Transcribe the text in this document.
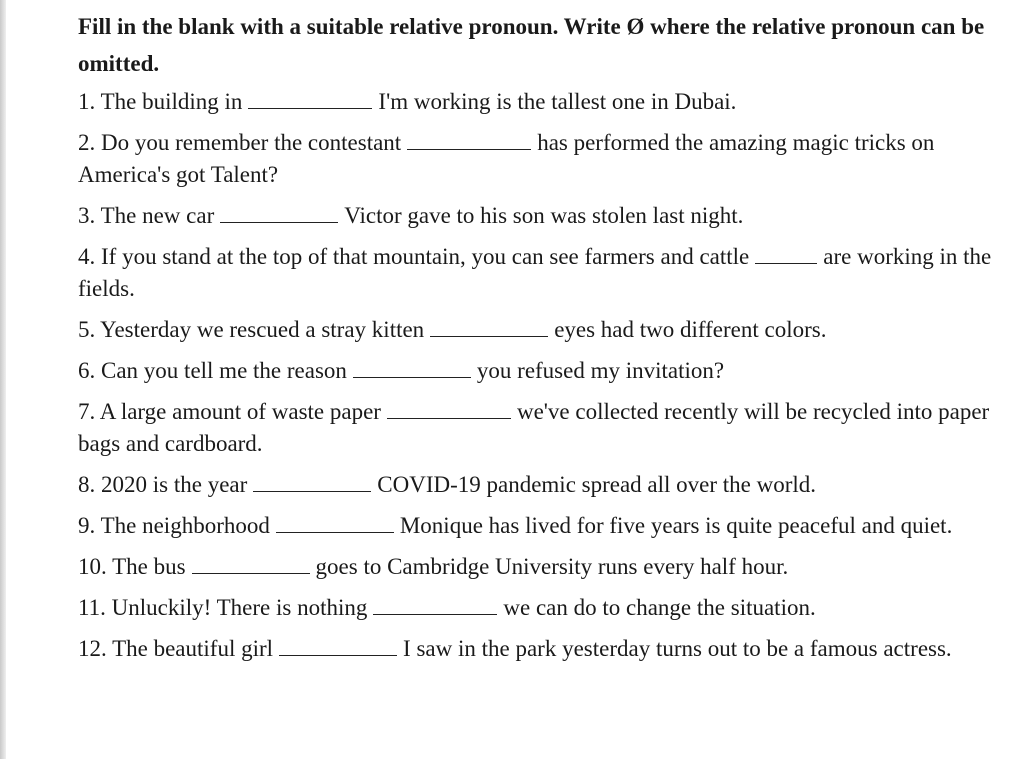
Fill in the blank with a suitable relative pronoun. Write Ø where the relative pronoun can be omitted.
1. The building in	I'm working is the tallest one in Dubai.
2. Do you remember the contestant	has performed the amazing magic tricks on America's got Talent?
3. The new car	Victor gave to his son was stolen last night.
4. If you stand at the top of that mountain, you can see farmers and cattle	are working in the fields.
5. Yesterday we rescued a stray kitten	eyes had two different colors.
6. Can you tell me the reason	you refused my invitation?
7. A large amount of waste paper	we've collected recently will be recycled into paper bags and cardboard.
8. 2020 is the year	COVID-19 pandemic spread all over the world.
9. The neighborhood	Monique has lived for five years is quite peaceful and quiet.
10. The bus	goes to Cambridge University runs every half hour.
11. Unluckily! There is nothing	we can do to change the situation.
12. The beautiful girl	I saw in the park yesterday turns out to be a famous actress.
